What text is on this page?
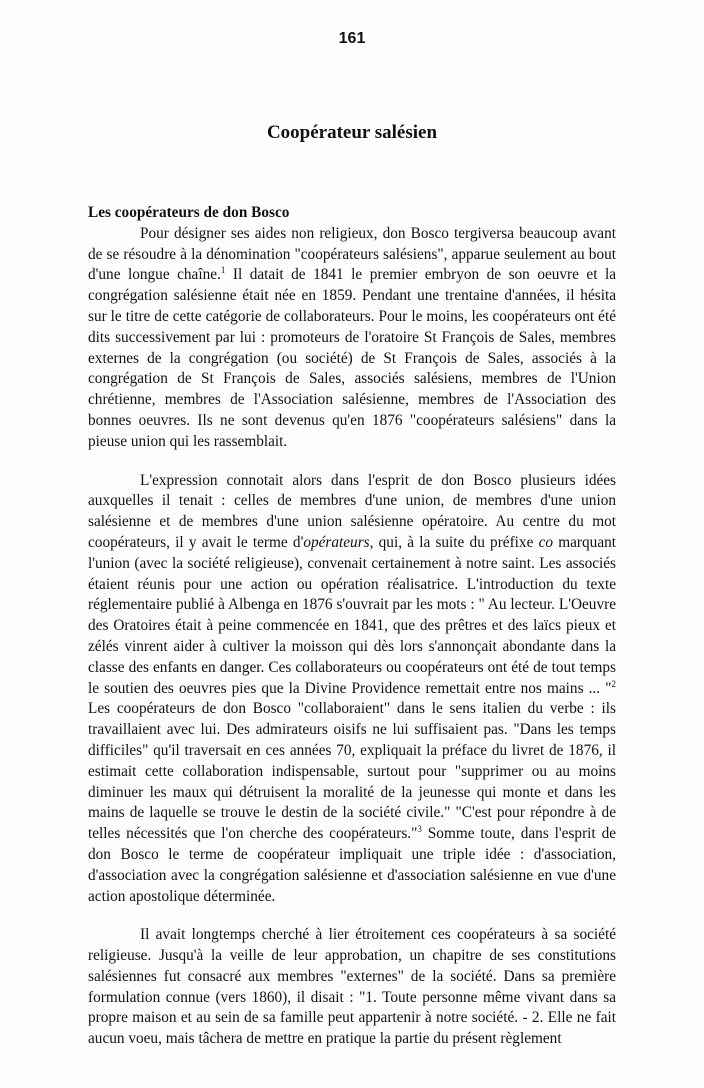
161
Coopérateur salésien

Les coopérateurs de don Bosco

Pour désigner ses aides non religieux, don Bosco tergiversa beaucoup avant de se résoudre à la dénomination "coopérateurs salésiens", apparue seulement au bout d'une longue chaîne.$^1$ Il datait de 1841 le premier embryon de son oeuvre et la congrégation salésienne était née en 1859. Pendant une trentaine d'années, il hésita sur le titre de cette catégorie de collaborateurs. Pour le moins, les coopérateurs ont été dits successivement par lui : promoteurs de l'oratoire St François de Sales, membres externes de la congrégation (ou société) de St François de Sales, associés à la congrégation de St François de Sales, associés salésiens, membres de l'Union chrétienne, membres de l'Association salésienne, membres de l'Association des bonnes oeuvres. Ils ne sont devenus qu'en 1876 "coopérateurs salésiens" dans la pieuse union qui les rassemblait.

L'expression connotait alors dans l'esprit de don Bosco plusieurs idées auxquelles il tenait : celles de membres d'une union, de membres d'une union salésienne et de membres d'une union salésienne opératoire. Au centre du mot coopérateurs, il y avait le terme d'opérateurs, qui, à la suite du préfixe co marquant l'union (avec la société religieuse), convenait certainement à notre saint. Les associés étaient réunis pour une action ou opération réalisatrice. L'introduction du texte réglementaire publié à Albenga en 1876 s'ouvrait par les mots : " Au lecteur. L'Oeuvre des Oratoires était à peine commencée en 1841, que des prêtres et des laïcs pieux et zélés vinrent aider à cultiver la moisson qui dès lors s'annonçait abondante dans la classe des enfants en danger. Ces collaborateurs ou coopérateurs ont été de tout temps le soutien des oeuvres pies que la Divine Providence remettait entre nos mains ... "$^2$ Les coopérateurs de don Bosco "collaboraient" dans le sens italien du verbe : ils travaillaient avec lui. Des admirateurs oisifs ne lui suffisaient pas. "Dans les temps difficiles" qu'il traversait en ces années 70, expliquait la préface du livret de 1876, il estimait cette collaboration indispensable, surtout pour "supprimer ou au moins diminuer les maux qui détruisent la moralité de la jeunesse qui monte et dans les mains de laquelle se trouve le destin de la société civile." "C'est pour répondre à de telles nécessités que l'on cherche des coopérateurs."$^3$ Somme toute, dans l'esprit de don Bosco le terme de coopérateur impliquait une triple idée : d'association, d'association avec la congrégation salésienne et d'association salésienne en vue d'une action apostolique déterminée.

Il avait longtemps cherché à lier étroitement ces coopérateurs à sa société religieuse. Jusqu'à la veille de leur approbation, un chapitre de ses constitutions salésiennes fut consacré aux membres "externes" de la société. Dans sa première formulation connue (vers 1860), il disait : "1. Toute personne même vivant dans sa propre maison et au sein de sa famille peut appartenir à notre société. - 2. Elle ne fait aucun voeu, mais tâchera de mettre en pratique la partie du présent règlement
